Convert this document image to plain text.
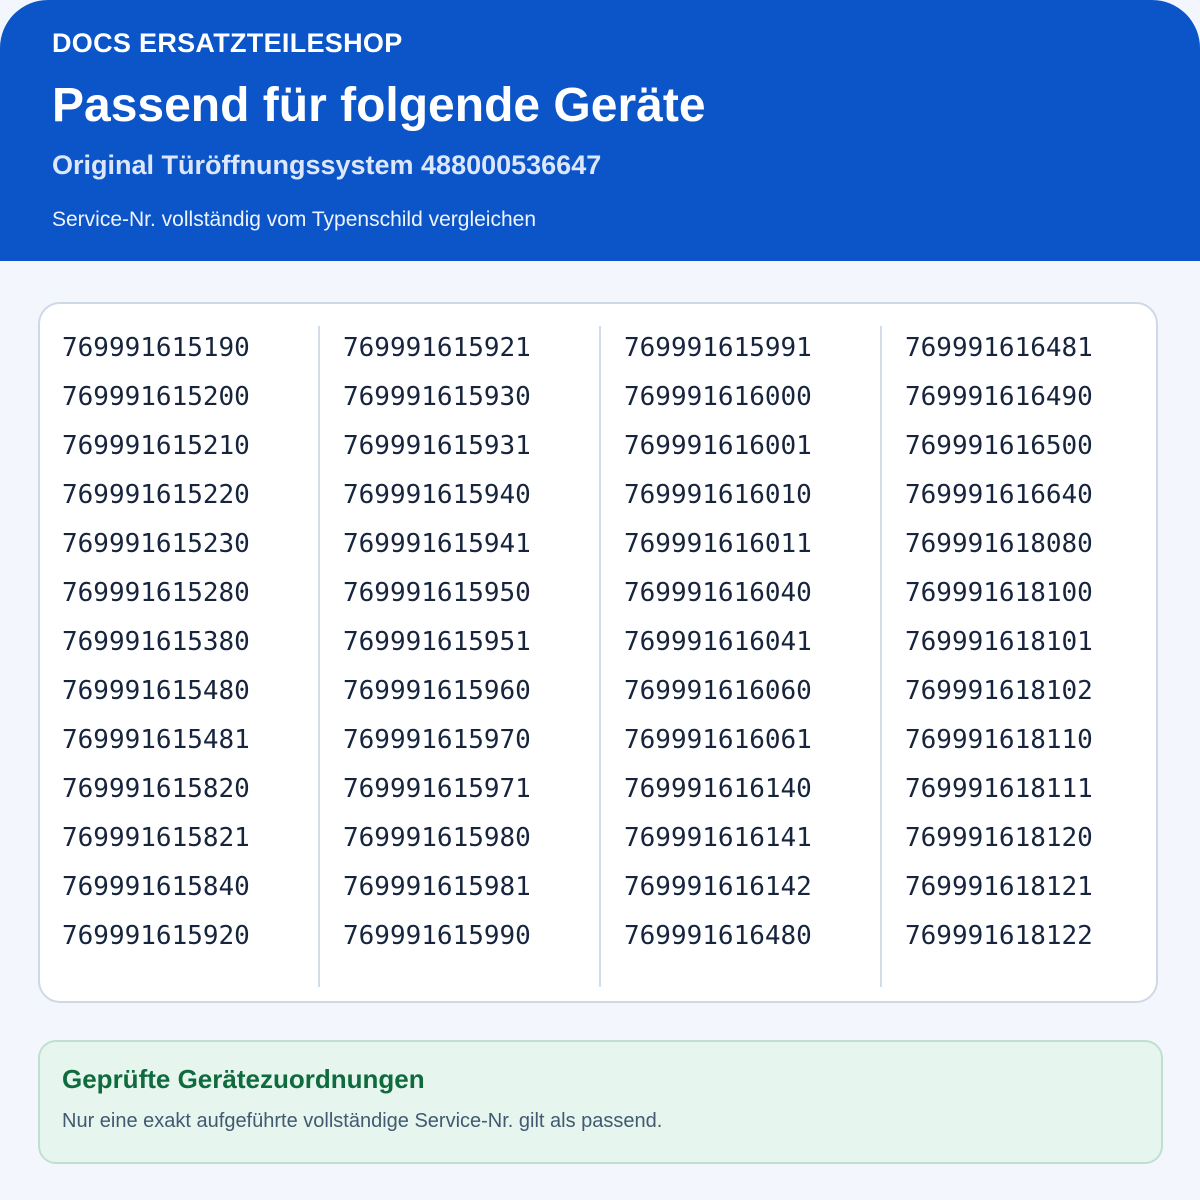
DOCS ERSATZTEILESHOP
Passend für folgende Geräte
Original Türöffnungssystem 488000536647
Service-Nr. vollständig vom Typenschild vergleichen
769991615190
769991615200
769991615210
769991615220
769991615230
769991615280
769991615380
769991615480
769991615481
769991615820
769991615821
769991615840
769991615920
769991615921
769991615930
769991615931
769991615940
769991615941
769991615950
769991615951
769991615960
769991615970
769991615971
769991615980
769991615981
769991615990
769991615991
769991616000
769991616001
769991616010
769991616011
769991616040
769991616041
769991616060
769991616061
769991616140
769991616141
769991616142
769991616480
769991616481
769991616490
769991616500
769991616640
769991618080
769991618100
769991618101
769991618102
769991618110
769991618111
769991618120
769991618121
769991618122
Geprüfte Gerätezuordnungen
Nur eine exakt aufgeführte vollständige Service-Nr. gilt als passend.
